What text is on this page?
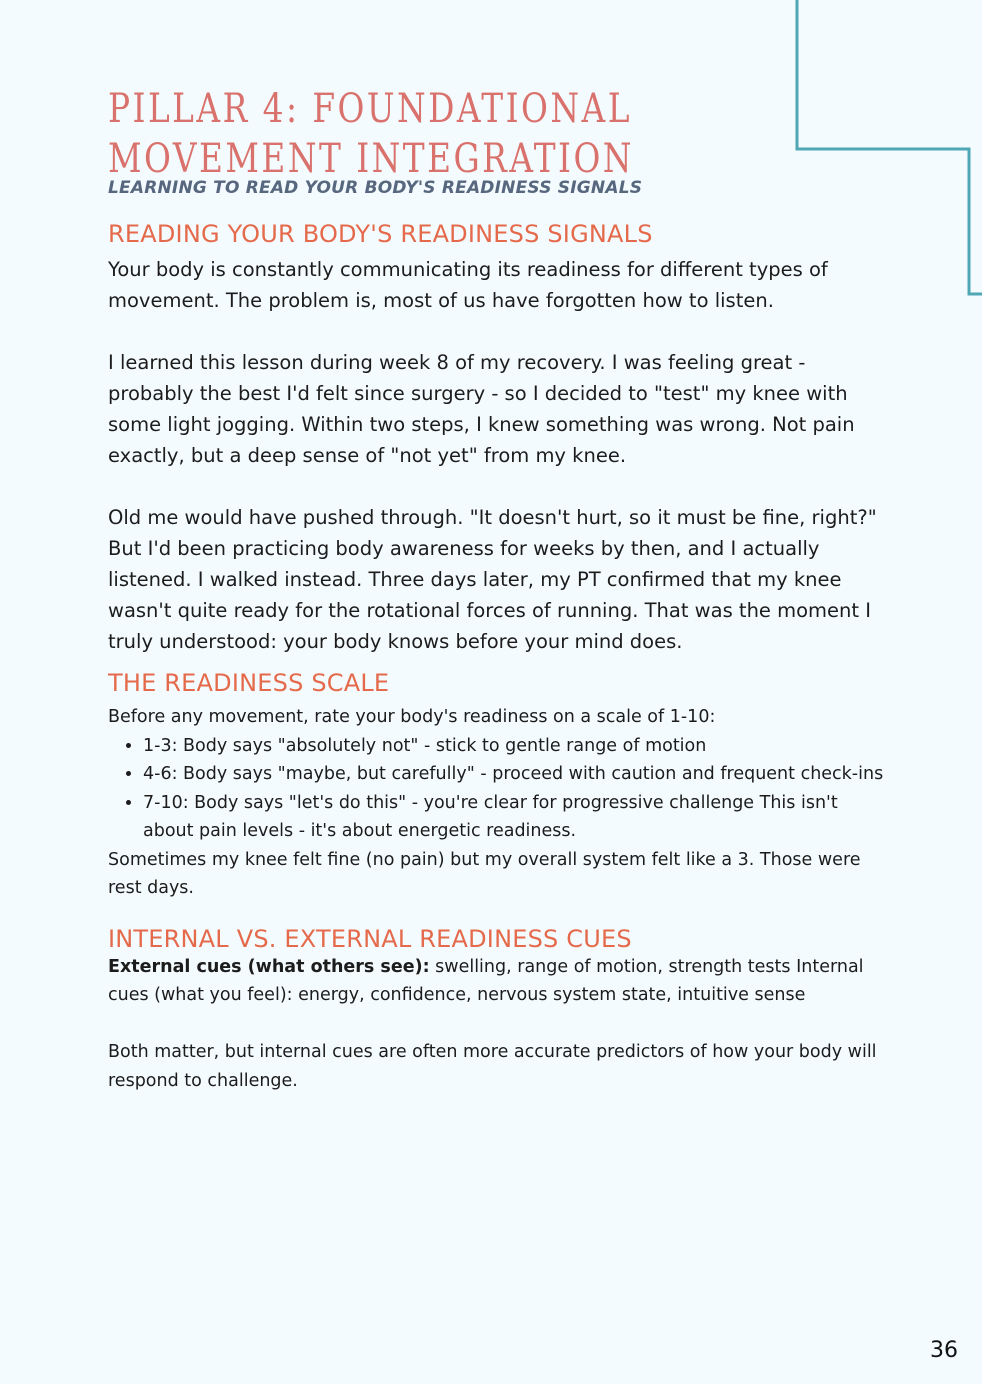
PILLAR 4: FOUNDATIONAL MOVEMENT INTEGRATION

LEARNING TO READ YOUR BODY'S READINESS SIGNALS

READING YOUR BODY'S READINESS SIGNALS

Your body is constantly communicating its readiness for different types of movement. The problem is, most of us have forgotten how to listen.

I learned this lesson during week 8 of my recovery. I was feeling great - probably the best I'd felt since surgery - so I decided to "test" my knee with some light jogging. Within two steps, I knew something was wrong. Not pain exactly, but a deep sense of "not yet" from my knee.

Old me would have pushed through. "It doesn't hurt, so it must be fine, right?" But I'd been practicing body awareness for weeks by then, and I actually listened. I walked instead. Three days later, my PT confirmed that my knee wasn't quite ready for the rotational forces of running. That was the moment I truly understood: your body knows before your mind does.

THE READINESS SCALE

Before any movement, rate your body's readiness on a scale of 1-10:

• 1-3: Body says "absolutely not" - stick to gentle range of motion
• 4-6: Body says "maybe, but carefully" - proceed with caution and frequent check-ins
• 7-10: Body says "let's do this" - you're clear for progressive challenge This isn't about pain levels - it's about energetic readiness.

Sometimes my knee felt fine (no pain) but my overall system felt like a 3. Those were rest days.

INTERNAL VS. EXTERNAL READINESS CUES

External cues (what others see): swelling, range of motion, strength tests Internal cues (what you feel): energy, confidence, nervous system state, intuitive sense

Both matter, but internal cues are often more accurate predictors of how your body will respond to challenge.

36
